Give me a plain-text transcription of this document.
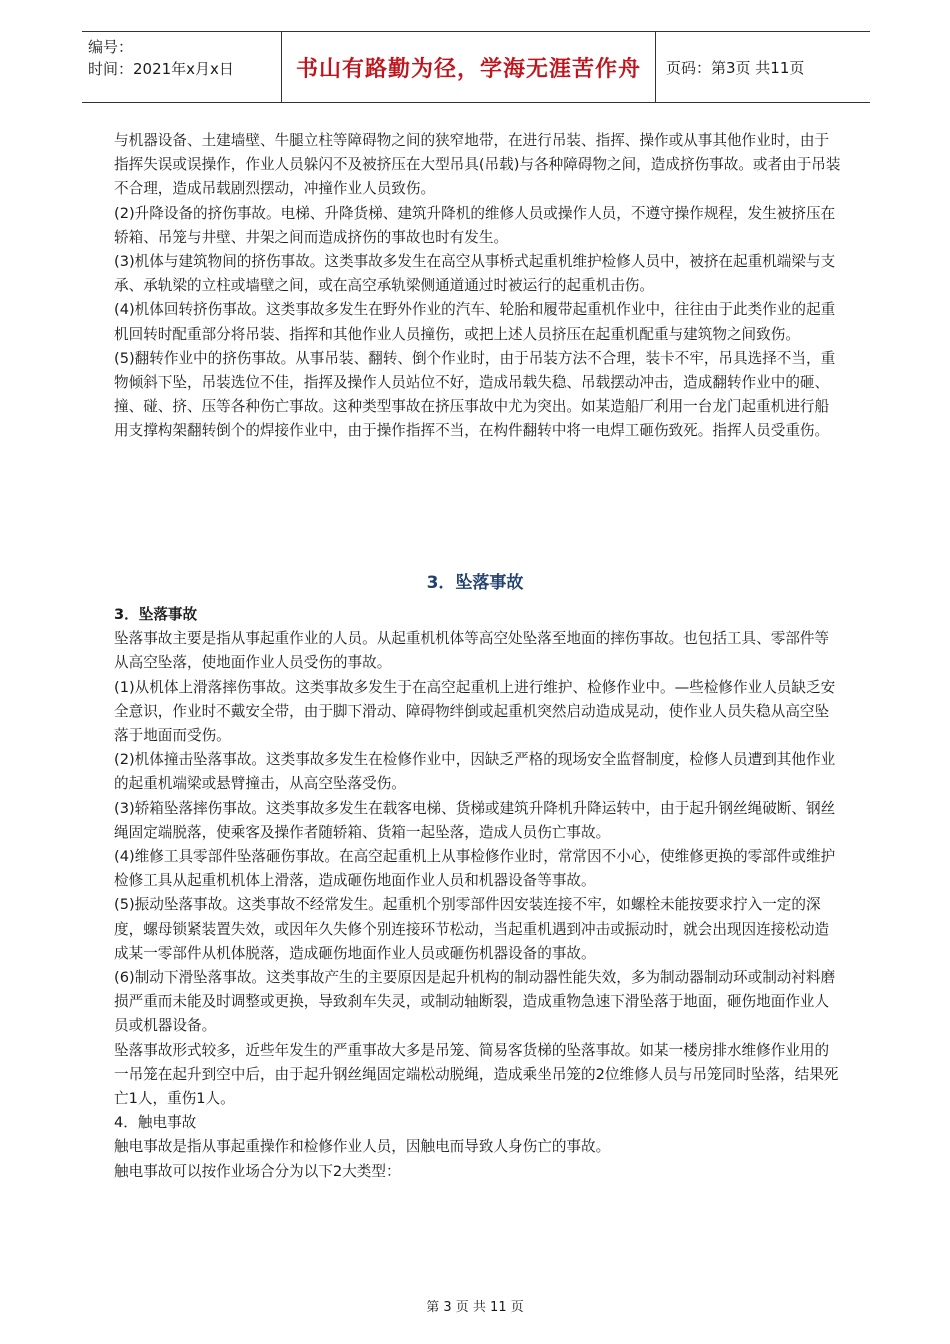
编号：
时间：2021年x月x日	书山有路勤为径，学海无涯苦作舟 页码：第3页 共11页

与机器设备、土建墙壁、牛腿立柱等障碍物之间的狭窄地带，在进行吊装、指挥、操作或从事其他作业时，由于指挥失误或误操作，作业人员躲闪不及被挤压在大型吊具(吊载)与各种障碍物之间，造成挤伤事故。或者由于吊装不合理，造成吊载剧烈摆动，冲撞作业人员致伤。

(2)升降设备的挤伤事故。电梯、升降货梯、建筑升降机的维修人员或操作人员，不遵守操作规程，发生被挤压在轿箱、吊笼与井壁、井架之间而造成挤伤的事故也时有发生。

(3)机体与建筑物间的挤伤事故。这类事故多发生在高空从事桥式起重机维护检修人员中，被挤在起重机端梁与支承、承轨梁的立柱或墙壁之间，或在高空承轨梁侧通道通过时被运行的起重机击伤。

(4)机体回转挤伤事故。这类事故多发生在野外作业的汽车、轮胎和履带起重机作业中，往往由于此类作业的起重机回转时配重部分将吊装、指挥和其他作业人员撞伤，或把上述人员挤压在起重机配重与建筑物之间致伤。

(5)翻转作业中的挤伤事故。从事吊装、翻转、倒个作业时，由于吊装方法不合理，装卡不牢，吊具选择不当，重物倾斜下坠，吊装选位不佳，指挥及操作人员站位不好，造成吊载失稳、吊载摆动冲击，造成翻转作业中的砸、撞、碰、挤、压等各种伤亡事故。这种类型事故在挤压事故中尤为突出。如某造船厂利用一台龙门起重机进行船用支撑构架翻转倒个的焊接作业中，由于操作指挥不当，在构件翻转中将一电焊工砸伤致死。指挥人员受重伤。

3．坠落事故

3．坠落事故

坠落事故主要是指从事起重作业的人员。从起重机机体等高空处坠落至地面的摔伤事故。也包括工具、零部件等从高空坠落，使地面作业人员受伤的事故。

(1)从机体上滑落摔伤事故。这类事故多发生于在高空起重机上进行维护、检修作业中。—些检修作业人员缺乏安全意识，作业时不戴安全带，由于脚下滑动、障碍物绊倒或起重机突然启动造成晃动，使作业人员失稳从高空坠落于地面而受伤。

(2)机体撞击坠落事故。这类事故多发生在检修作业中，因缺乏严格的现场安全监督制度，检修人员遭到其他作业的起重机端梁或悬臂撞击，从高空坠落受伤。

(3)轿箱坠落摔伤事故。这类事故多发生在载客电梯、货梯或建筑升降机升降运转中，由于起升钢丝绳破断、钢丝绳固定端脱落，使乘客及操作者随轿箱、货箱一起坠落，造成人员伤亡事故。

(4)维修工具零部件坠落砸伤事故。在高空起重机上从事检修作业时，常常因不小心，使维修更换的零部件或维护检修工具从起重机机体上滑落，造成砸伤地面作业人员和机器设备等事故。

(5)振动坠落事故。这类事故不经常发生。起重机个别零部件因安装连接不牢，如螺栓未能按要求拧入一定的深度，螺母锁紧装置失效，或因年久失修个别连接环节松动，当起重机遇到冲击或振动时，就会出现因连接松动造成某一零部件从机体脱落，造成砸伤地面作业人员或砸伤机器设备的事故。

(6)制动下滑坠落事故。这类事故产生的主要原因是起升机构的制动器性能失效，多为制动器制动环或制动衬料磨损严重而未能及时调整或更换，导致刹车失灵，或制动轴断裂，造成重物急速下滑坠落于地面，砸伤地面作业人员或机器设备。

坠落事故形式较多，近些年发生的严重事故大多是吊笼、简易客货梯的坠落事故。如某一楼房排水维修作业用的一吊笼在起升到空中后，由于起升钢丝绳固定端松动脱绳，造成乘坐吊笼的2位维修人员与吊笼同时坠落，结果死亡1人，重伤1人。

4．触电事故

触电事故是指从事起重操作和检修作业人员，因触电而导致人身伤亡的事故。

触电事故可以按作业场合分为以下2大类型：

第 3 页 共 11 页
